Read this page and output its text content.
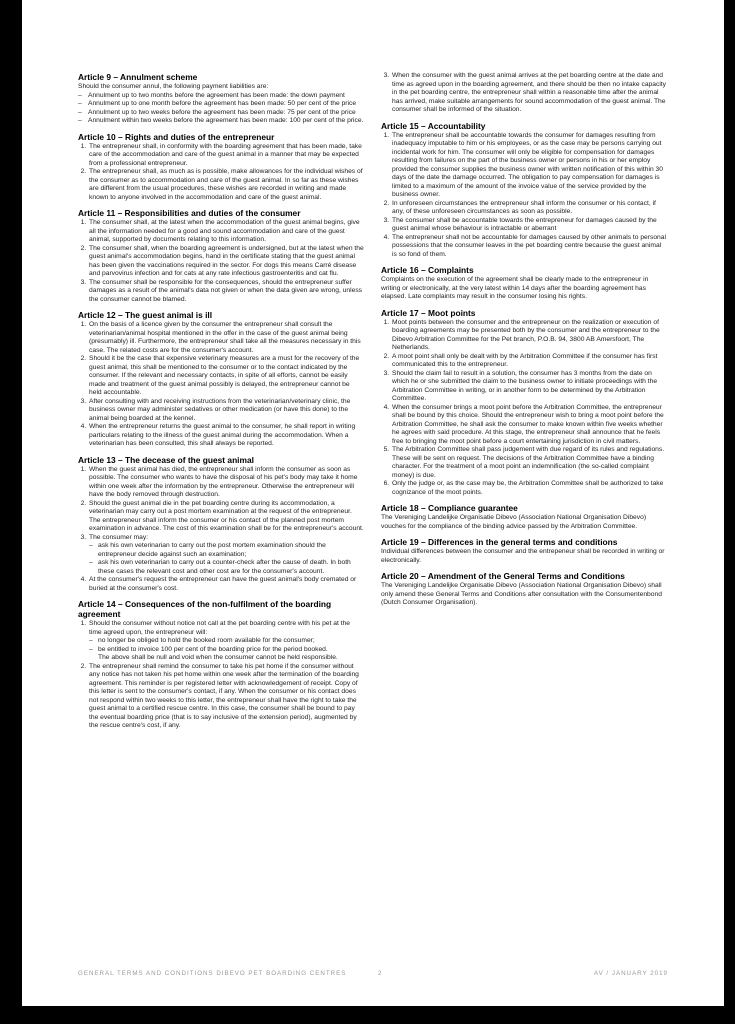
Article 9 – Annulment scheme

Should the consumer annul, the following payment liabilities are:

– Annulment up to two months before the agreement has been made: the down payment
– Annulment up to one month before the agreement has been made: 50 per cent of the price
– Annulment up to two weeks before the agreement has been made: 75 per cent of the price
– Annulment within two weeks before the agreement has been made: 100 per cent of the price.
Article 10 – Rights and duties of the entrepreneur
1. The entrepreneur shall, in conformity with the boarding agreement that has been made, take care of the accommodation and care of the guest animal in a manner that may be expected from a professional entrepreneur.
2. The entrepreneur shall, as much as is possible, make allowances for the individual wishes of the consumer as to accommodation and care of the guest animal. In so far as these wishes are different from the usual procedures, these wishes are recorded in writing and made known to anyone involved in the accommodation and care of the guest animal.
Article 11 – Responsibilities and duties of the consumer
1. The consumer shall, at the latest when the accommodation of the guest animal begins, give all the information needed for a good and sound accommodation and care of the guest animal, supported by documents relating to this information.
2. The consumer shall, when the boarding agreement is undersigned, but at the latest when the guest animal's accommodation begins, hand in the certificate stating that the guest animal has been given the vaccinations required in the sector. For dogs this means Carré disease and parvovirus infection and for cats at any rate infectious gastroenteritis and cat flu.
3. The consumer shall be responsible for the consequences, should the entrepreneur suffer damages as a result of the animal's data not given or when the data given are wrong, unless the consumer cannot be blamed.
Article 12 – The guest animal is ill
1. On the basis of a licence given by the consumer the entrepreneur shall consult the veterinarian/animal hospital mentioned in the offer in the case of the guest animal being (presumably) ill. Furthermore, the entrepreneur shall take all the measures necessary in this case. The related costs are for the consumer's account.
2. Should it be the case that expensive veterinary measures are a must for the recovery of the guest animal, this shall be mentioned to the consumer or to the contact indicated by the consumer. If the relevant and necessary contacts, in spite of all efforts, cannot be easily made and treatment of the guest animal possibly is delayed, the entrepreneur cannot be held accountable.
3. After consulting with and receiving instructions from the veterinarian/veterinary clinic, the business owner may administer sedatives or other medication (or have this done) to the animal being boarded at the kennel.
4. When the entrepreneur returns the guest animal to the consumer, he shall report in writing particulars relating to the illness of the guest animal during the accommodation. When a veterinarian has been consulted, this shall always be reported.
Article 13 – The decease of the guest animal
1. When the guest animal has died, the entrepreneur shall inform the consumer as soon as possible. The consumer who wants to have the disposal of his pet's body may take it home within one week after the information by the entrepreneur. Otherwise the entrepreneur will have the body removed through destruction.
2. Should the guest animal die in the pet boarding centre during its accommodation, a veterinarian may carry out a post mortem examination at the request of the entrepreneur. The entrepreneur shall inform the consumer or his contact of the planned post mortem examination in advance. The cost of this examination shall be for the entrepreneur's account.
3. The consumer may:
– ask his own veterinarian to carry out the post mortem examination should the entrepreneur decide against such an examination;
– ask his own veterinarian to carry out a counter-check after the cause of death. In both these cases the relevant cost and other cost are for the consumer's account.
4. At the consumer's request the entrepreneur can have the guest animal's body cremated or buried at the consumer's cost.
Article 14 – Consequences of the non-fulfilment of the boarding agreement
1. Should the consumer without notice not call at the pet boarding centre with his pet at the time agreed upon, the entrepreneur will:
– no longer be obliged to hold the booked room available for the consumer;
– be entitled to invoice 100 per cent of the boarding price for the period booked.
The above shall be null and void when the consumer cannot be held responsible.
2. The entrepreneur shall remind the consumer to take his pet home if the consumer without any notice has not taken his pet home within one week after the termination of the boarding agreement. This reminder is per registered letter with acknowledgement of receipt. Copy of this letter is sent to the consumer's contact, if any. When the consumer or his contact does not respond within two weeks to this letter, the entrepreneur shall have the right to take the guest animal to a certified rescue centre. In this case, the consumer shall be bound to pay the eventual boarding price (that is to say inclusive of the extension period), augmented by the rescue centre's cost, if any.
3. When the consumer with the guest animal arrives at the pet boarding centre at the date and time as agreed upon in the boarding agreement, and there should be then no intake capacity in the pet boarding centre, the entrepreneur shall within a reasonable time after the animal has arrived, make suitable arrangements for sound accommodation of the guest animal. The consumer shall be informed of the situation.
Article 15 – Accountability
1. The entrepreneur shall be accountable towards the consumer for damages resulting from inadequacy imputable to him or his employees, or as the case may be persons carrying out incidental work for him. The consumer will only be eligible for compensation for damages resulting from failures on the part of the business owner or persons in his or her employ provided the consumer supplies the business owner with written notification of this within 30 days of the date the damage occurred. The obligation to pay compensation for damages is limited to a maximum of the amount of the invoice value of the service provided by the business owner.
2. In unforeseen circumstances the entrepreneur shall inform the consumer or his contact, if any, of these unforeseen circumstances as soon as possible.
3. The consumer shall be accountable towards the entrepreneur for damages caused by the guest animal whose behaviour is intractable or aberrant
4. The entrepreneur shall not be accountable for damages caused by other animals to personal possessions that the consumer leaves in the pet boarding centre because the guest animal is so fond of them.
Article 16 – Complaints

Complaints on the execution of the agreement shall be clearly made to the entrepreneur in writing or electronically, at the very latest within 14 days after the boarding agreement has elapsed. Late complaints may result in the consumer losing his rights.

Article 17 – Moot points
1. Moot points between the consumer and the entrepreneur on the realization or execution of boarding agreements may be presented both by the consumer and the entrepreneur to the Dibevo Arbitration Committee for the Pet branch, P.O.B. 94, 3800 AB Amersfoort, The Netherlands.
2. A moot point shall only be dealt with by the Arbitration Committee if the consumer has first communicated this to the entrepreneur.
3. Should the claim fail to result in a solution, the consumer has 3 months from the date on which he or she submitted the claim to the business owner to initiate proceedings with the Arbitration Committee in writing, or in another form to be determined by the Arbitration Committee.
4. When the consumer brings a moot point before the Arbitration Committee, the entrepreneur shall be bound by this choice. Should the entrepreneur wish to bring a moot point before the Arbitration Committee, he shall ask the consumer to make known within five weeks whether he agrees with said procedure. At this stage, the entrepreneur shall announce that he feels free to bringing the moot point before a court entertaining jurisdiction in civil matters.
5. The Arbitration Committee shall pass judgement with due regard of its rules and regulations. These will be sent on request. The decisions of the Arbitration Committee have a binding character. For the treatment of a moot point an indemnification (the so-called complaint money) is due.
6. Only the judge or, as the case may be, the Arbitration Committee shall be authorized to take cognizance of the moot points.
Article 18 – Compliance guarantee

The Vereniging Landelijke Organisatie Dibevo (Association National Organisation Dibevo) vouches for the compliance of the binding advice passed by the Arbitration Committee.

Article 19 – Differences in the general terms and conditions

Individual differences between the consumer and the entrepeneur shall be recorded in writing or electronically.

Article 20 – Amendment of the General Terms and Conditions

The Vereniging Landelijke Organisatie Dibevo (Association National Organisation Dibevo) shall only amend these General Terms and Conditions after consultation with the Consumentenbond (Dutch Consumer Organisation).

GENERAL TERMS AND CONDITIONS DIBEVO PET BOARDING CENTRES	2	AV / JANUARY 2019
